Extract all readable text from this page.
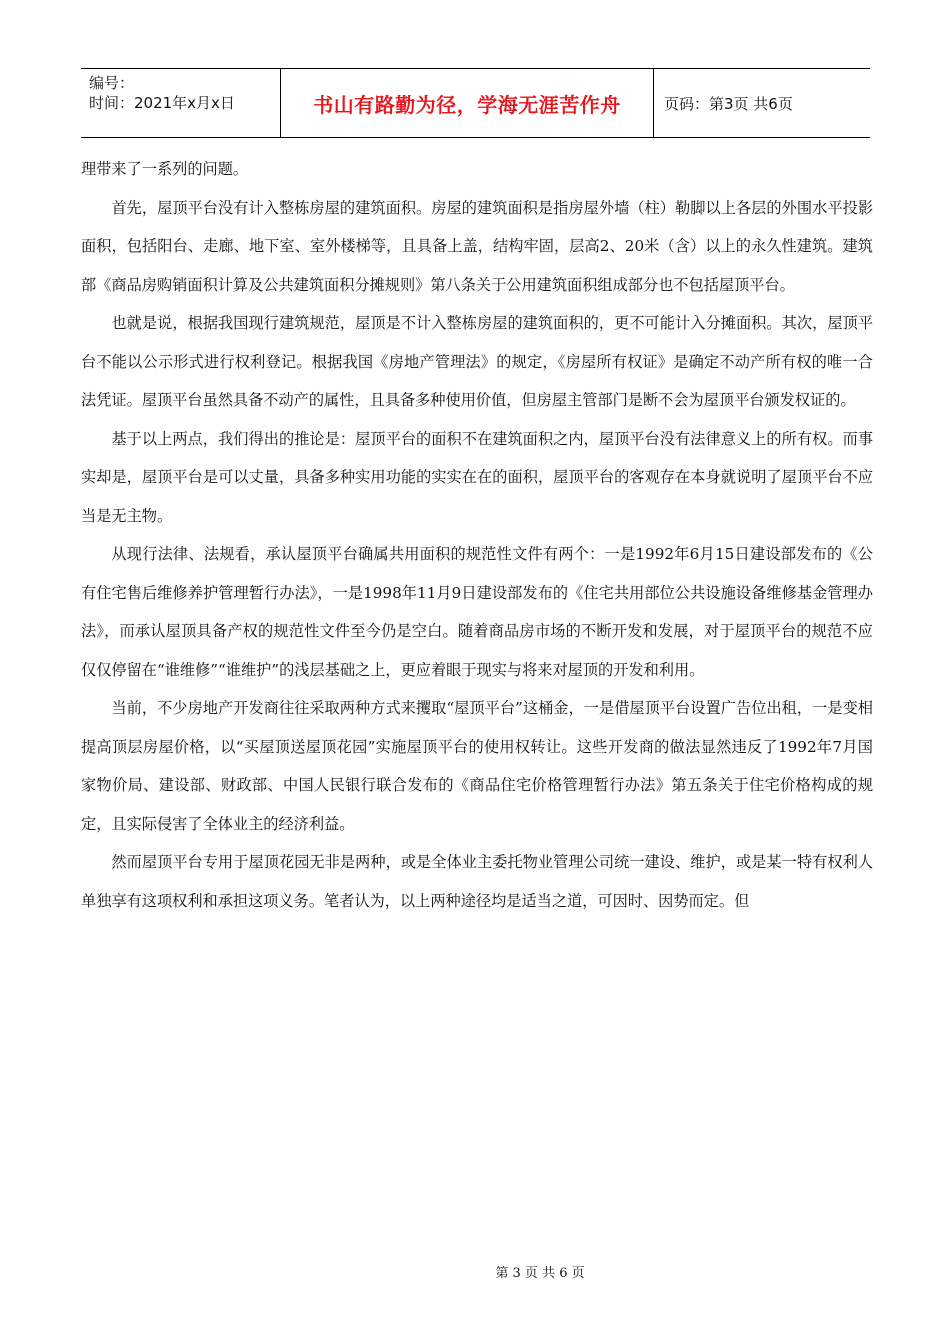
编号：
时间：2021年x月x日	书山有路勤为径，学海无涯苦作舟	页码：第3页 共6页

理带来了一系列的问题。

首先，屋顶平台没有计入整栋房屋的建筑面积。房屋的建筑面积是指房屋外墙（柱）勒脚以上各层的外围水平投影面积，包括阳台、走廊、地下室、室外楼梯等，且具备上盖，结构牢固，层高2、20米（含）以上的永久性建筑。建筑部《商品房购销面积计算及公共建筑面积分摊规则》第八条关于公用建筑面积组成部分也不包括屋顶平台。

也就是说，根据我国现行建筑规范，屋顶是不计入整栋房屋的建筑面积的，更不可能计入分摊面积。其次，屋顶平台不能以公示形式进行权利登记。根据我国《房地产管理法》的规定，《房屋所有权证》是确定不动产所有权的唯一合法凭证。屋顶平台虽然具备不动产的属性，且具备多种使用价值，但房屋主管部门是断不会为屋顶平台颁发权证的。

基于以上两点，我们得出的推论是：屋顶平台的面积不在建筑面积之内，屋顶平台没有法律意义上的所有权。而事实却是，屋顶平台是可以丈量，具备多种实用功能的实实在在的面积，屋顶平台的客观存在本身就说明了屋顶平台不应当是无主物。

从现行法律、法规看，承认屋顶平台确属共用面积的规范性文件有两个：一是1992年6月15日建设部发布的《公有住宅售后维修养护管理暂行办法》，一是1998年11月9日建设部发布的《住宅共用部位公共设施设备维修基金管理办法》，而承认屋顶具备产权的规范性文件至今仍是空白。随着商品房市场的不断开发和发展，对于屋顶平台的规范不应仅仅停留在“谁维修”“谁维护”的浅层基础之上，更应着眼于现实与将来对屋顶的开发和利用。

当前，不少房地产开发商往往采取两种方式来攫取“屋顶平台”这桶金，一是借屋顶平台设置广告位出租，一是变相提高顶层房屋价格，以“买屋顶送屋顶花园”实施屋顶平台的使用权转让。这些开发商的做法显然违反了1992年7月国家物价局、建设部、财政部、中国人民银行联合发布的《商品住宅价格管理暂行办法》第五条关于住宅价格构成的规定，且实际侵害了全体业主的经济利益。

然而屋顶平台专用于屋顶花园无非是两种，或是全体业主委托物业管理公司统一建设、维护，或是某一特有权利人单独享有这项权利和承担这项义务。笔者认为，以上两种途径均是适当之道，可因时、因势而定。但

第 3 页 共 6 页
